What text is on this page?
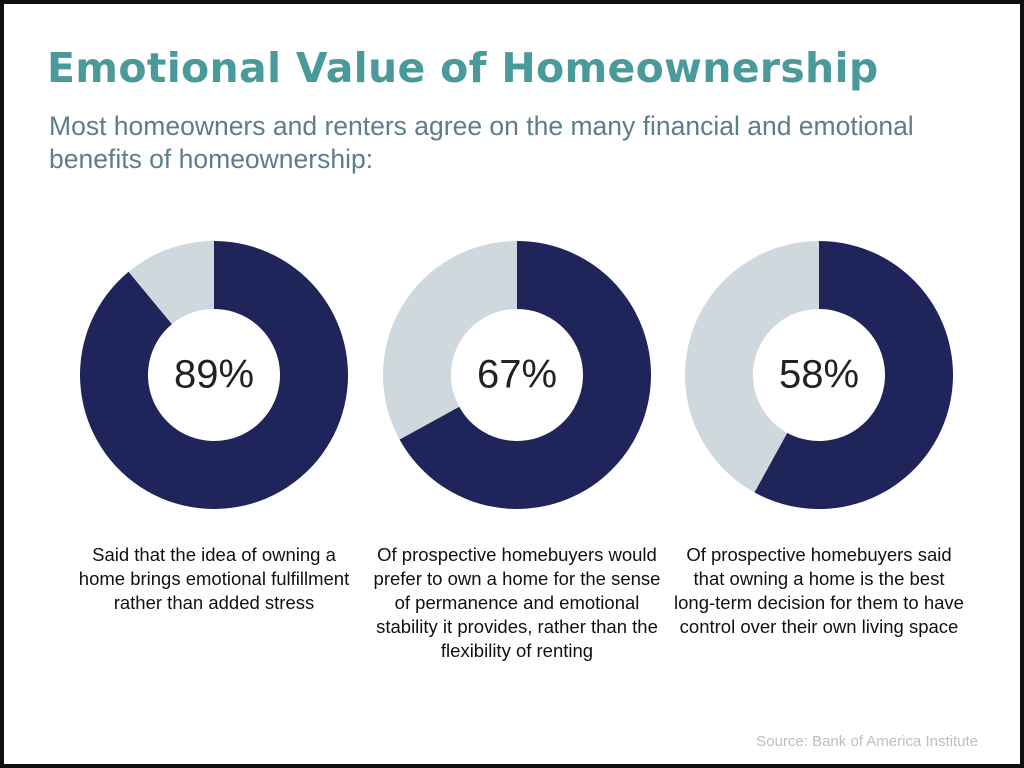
Emotional Value of Homeownership

Most homeowners and renters agree on the many financial and emotional benefits of homeownership:

89%

Said that the idea of owning a home brings emotional fulfillment rather than added stress

67%

Of prospective homebuyers would prefer to own a home for the sense of permanence and emotional stability it provides, rather than the flexibility of renting

58%

Of prospective homebuyers said that owning a home is the best long-term decision for them to have control over their own living space

Source: Bank of America Institute
